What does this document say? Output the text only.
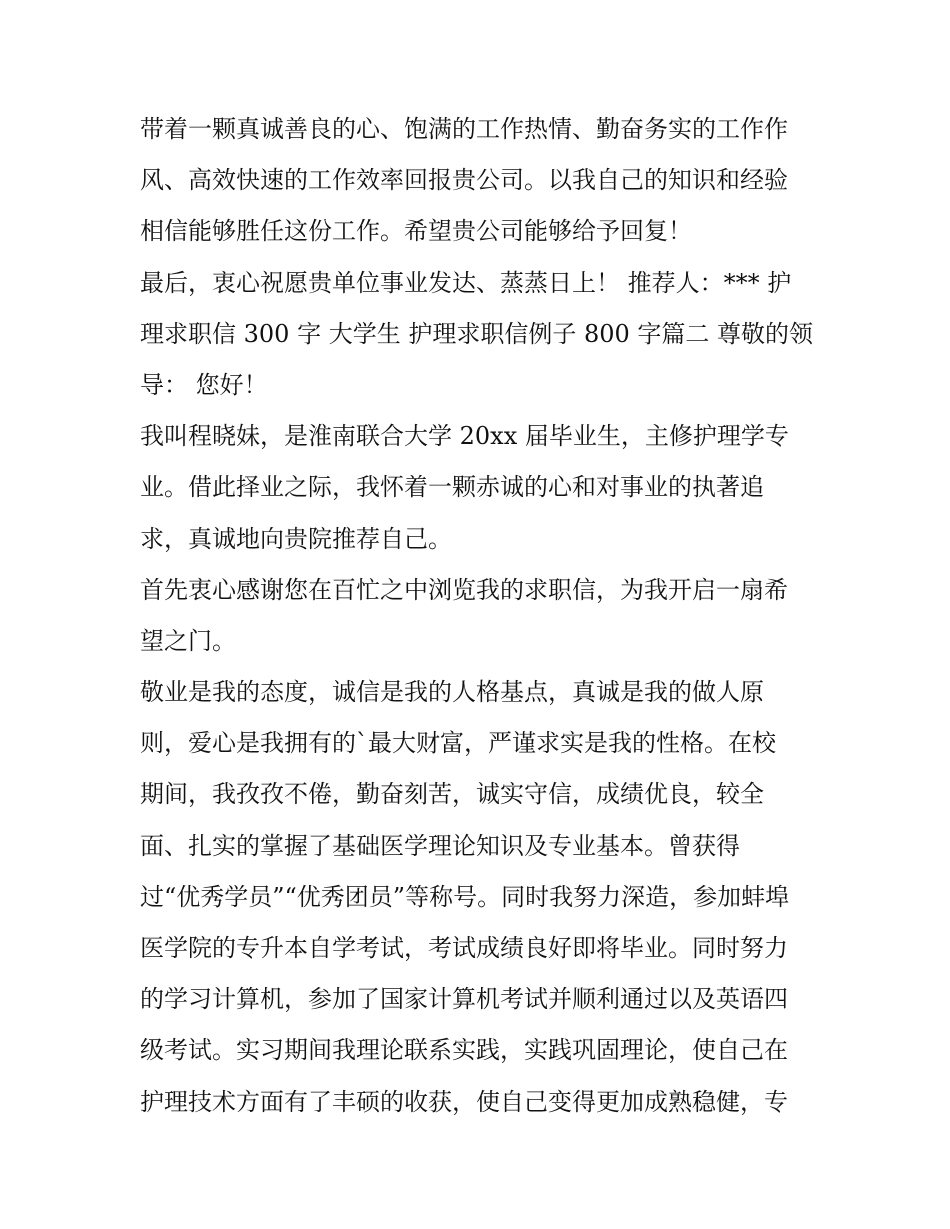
带着一颗真诚善良的心、饱满的工作热情、勤奋务实的工作作
风、高效快速的工作效率回报贵公司。以我自己的知识和经验
相信能够胜任这份工作。希望贵公司能够给予回复！
最后，衷心祝愿贵单位事业发达、蒸蒸日上！ 推荐人：*** 护
理求职信 300 字 大学生 护理求职信例子 800 字篇二 尊敬的领
导： 您好！
我叫程晓妹，是淮南联合大学 20xx 届毕业生，主修护理学专
业。借此择业之际，我怀着一颗赤诚的心和对事业的执著追
求，真诚地向贵院推荐自己。
首先衷心感谢您在百忙之中浏览我的求职信，为我开启一扇希
望之门。
敬业是我的态度，诚信是我的人格基点，真诚是我的做人原
则，爱心是我拥有的`最大财富，严谨求实是我的性格。在校
期间，我孜孜不倦，勤奋刻苦，诚实守信，成绩优良，较全
面、扎实的掌握了基础医学理论知识及专业基本。曾获得
过“优秀学员”“优秀团员”等称号。同时我努力深造，参加蚌埠
医学院的专升本自学考试，考试成绩良好即将毕业。同时努力
的学习计算机，参加了国家计算机考试并顺利通过以及英语四
级考试。实习期间我理论联系实践，实践巩固理论，使自己在
护理技术方面有了丰硕的收获，使自己变得更加成熟稳健，专
